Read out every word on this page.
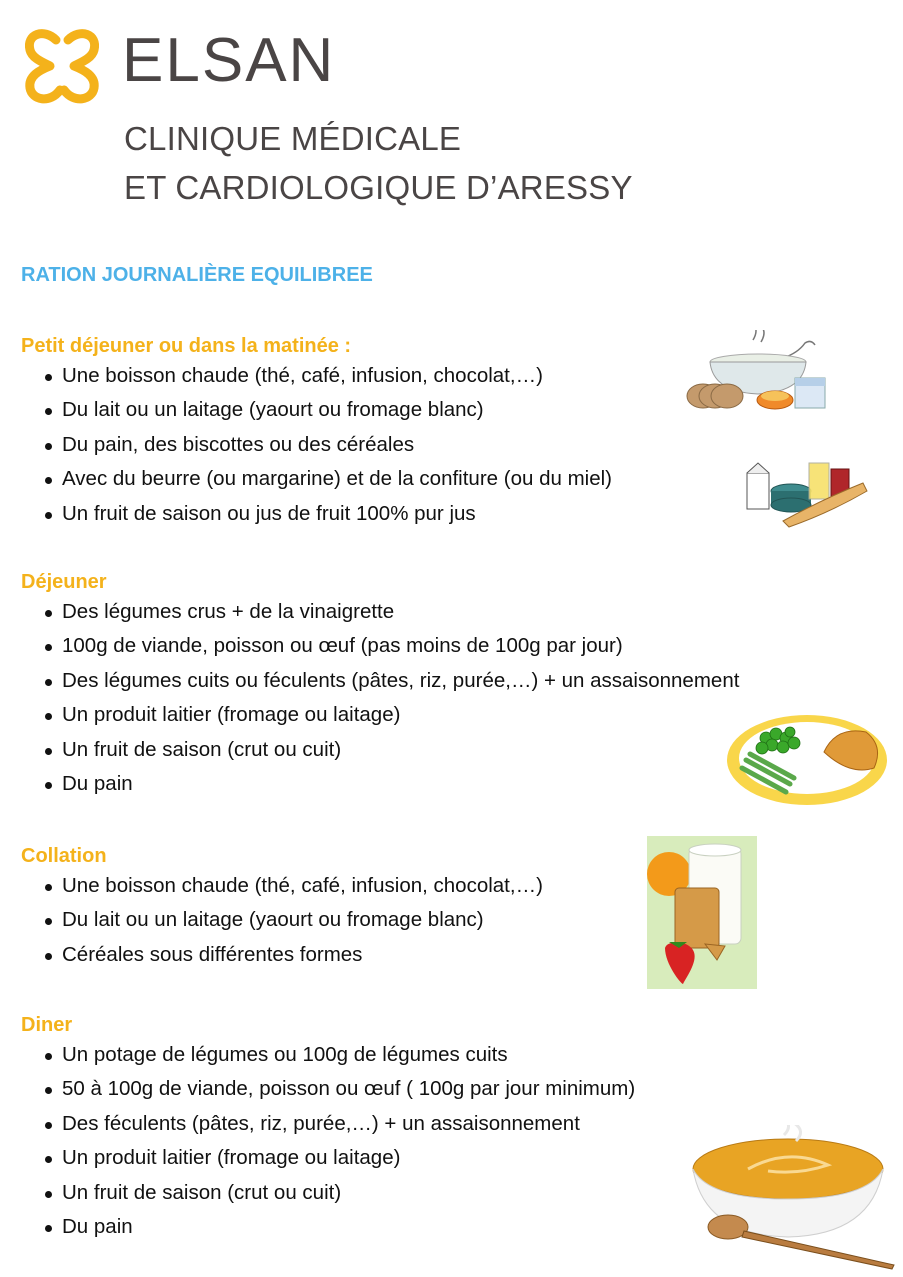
ELSAN
CLINIQUE MÉDICALE
ET CARDIOLOGIQUE D’ARESSY
RATION JOURNALIÈRE EQUILIBREE
Petit déjeuner ou dans la matinée :
Une boisson chaude (thé, café, infusion, chocolat,…)
Du lait ou un laitage (yaourt ou fromage blanc)
Du pain, des biscottes ou des céréales
Avec du beurre (ou margarine) et de la confiture (ou du miel)
Un fruit de saison ou jus de fruit 100% pur jus
Déjeuner
Des légumes crus + de la vinaigrette
100g de viande, poisson ou œuf (pas moins de 100g par jour)
Des légumes cuits ou féculents (pâtes, riz, purée,…) + un assaisonnement
Un produit laitier (fromage ou laitage)
Un fruit de saison (crut ou cuit)
Du pain
Collation
Une boisson chaude (thé, café, infusion, chocolat,…)
Du lait ou un laitage (yaourt ou fromage blanc)
Céréales sous différentes formes
Diner
Un potage de légumes ou 100g de légumes cuits
50 à 100g de viande, poisson ou œuf ( 100g par jour minimum)
Des féculents (pâtes, riz, purée,…) + un assaisonnement
Un produit laitier (fromage ou laitage)
Un fruit de saison (crut ou cuit)
Du pain
